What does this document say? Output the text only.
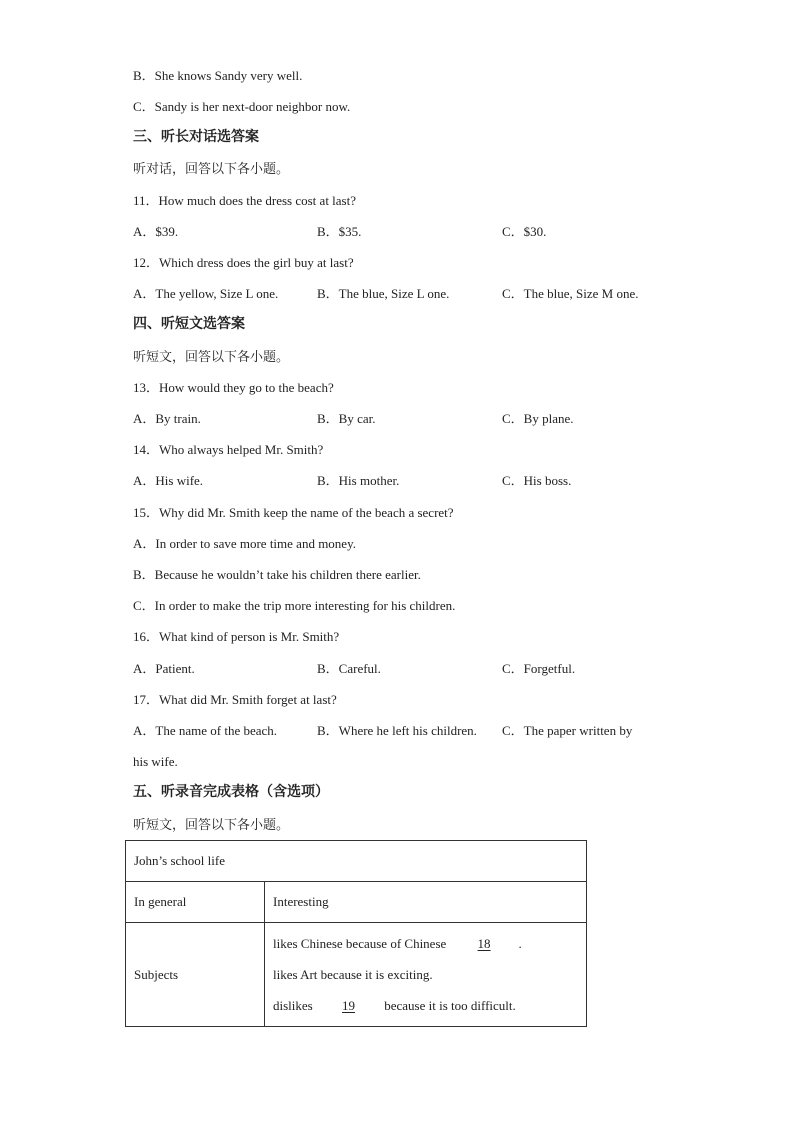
B．She knows Sandy very well.
C．Sandy is her next-door neighbor now.
三、听长对话选答案
听对话，回答以下各小题。
11．How much does the dress cost at last?
A．$39.	B．$35.	C．$30.
12．Which dress does the girl buy at last?
A．The yellow, Size L one.	B．The blue, Size L one.	C．The blue, Size M one.
四、听短文选答案
听短文，回答以下各小题。
13．How would they go to the beach?
A．By train.	B．By car.	C．By plane.
14．Who always helped Mr. Smith?
A．His wife.	B．His mother.	C．His boss.
15．Why did Mr. Smith keep the name of the beach a secret?
A．In order to save more time and money.
B．Because he wouldn’t take his children there earlier.
C．In order to make the trip more interesting for his children.
16．What kind of person is Mr. Smith?
A．Patient.	B．Careful.	C．Forgetful.
17．What did Mr. Smith forget at last?
A．The name of the beach.	B．Where he left his children. C．The paper written by
his wife.
五、听录音完成表格（含选项）
听短文，回答以下各小题。
John’s school life	
In general	Interesting
Subjects	likes Chinese because of Chinese  18 .
likes Art because it is exciting.
dislikes  19  because it is too difficult.
